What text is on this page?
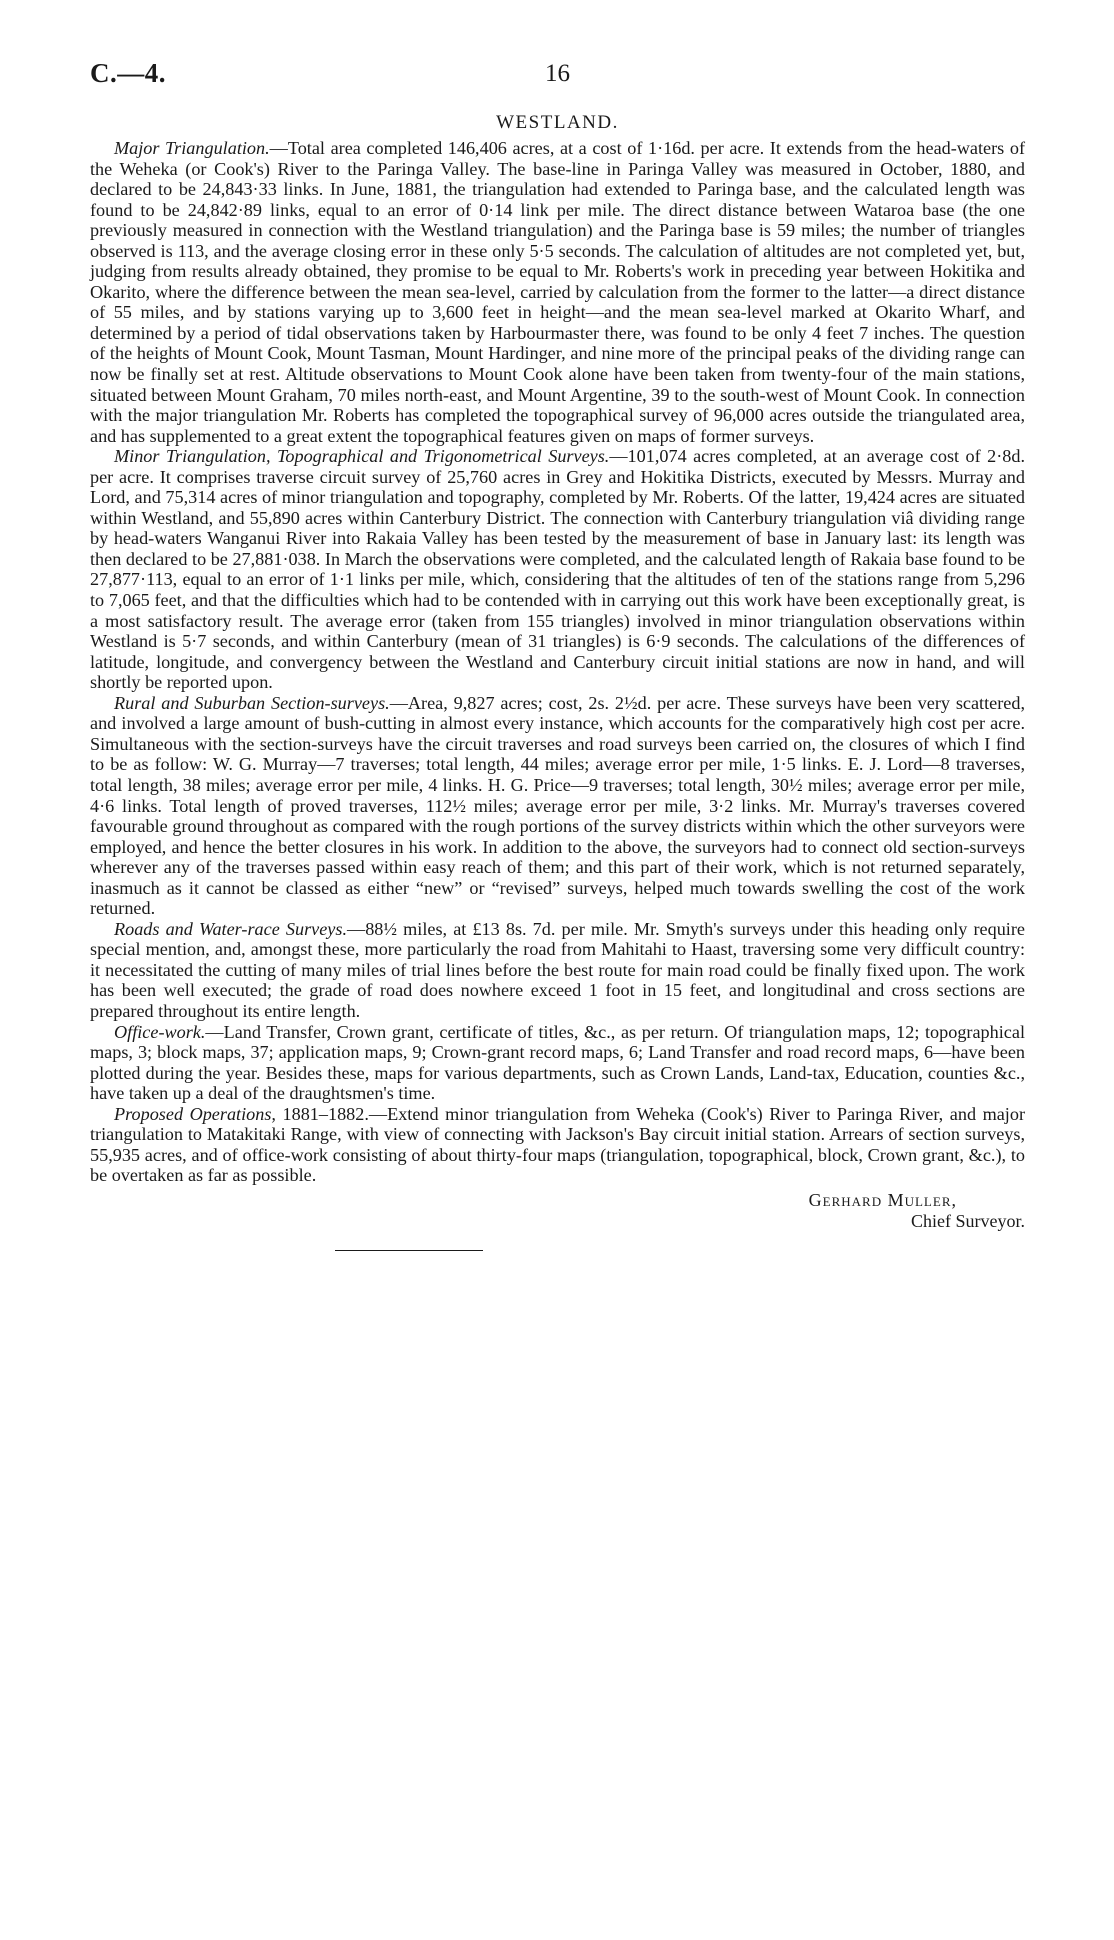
C.—4.	16
WESTLAND.

Major Triangulation.—Total area completed 146,406 acres, at a cost of 1·16d. per acre. It extends from the head-waters of the Weheka (or Cook's) River to the Paringa Valley. The base-line in Paringa Valley was measured in October, 1880, and declared to be 24,843·33 links. In June, 1881, the triangulation had extended to Paringa base, and the calculated length was found to be 24,842·89 links, equal to an error of 0·14 link per mile. The direct distance between Wataroa base (the one previously measured in connection with the Westland triangulation) and the Paringa base is 59 miles; the number of triangles observed is 113, and the average closing error in these only 5·5 seconds. The calculation of altitudes are not completed yet, but, judging from results already obtained, they promise to be equal to Mr. Roberts's work in preceding year between Hokitika and Okarito, where the difference between the mean sea-level, carried by calculation from the former to the latter—a direct distance of 55 miles, and by stations varying up to 3,600 feet in height—and the mean sea-level marked at Okarito Wharf, and determined by a period of tidal observations taken by Harbourmaster there, was found to be only 4 feet 7 inches. The question of the heights of Mount Cook, Mount Tasman, Mount Hardinger, and nine more of the principal peaks of the dividing range can now be finally set at rest. Altitude observations to Mount Cook alone have been taken from twenty-four of the main stations, situated between Mount Graham, 70 miles north-east, and Mount Argentine, 39 to the south-west of Mount Cook. In connection with the major triangulation Mr. Roberts has completed the topographical survey of 96,000 acres outside the triangulated area, and has supplemented to a great extent the topographical features given on maps of former surveys.

Minor Triangulation, Topographical and Trigonometrical Surveys.—101,074 acres completed, at an average cost of 2·8d. per acre. It comprises traverse circuit survey of 25,760 acres in Grey and Hokitika Districts, executed by Messrs. Murray and Lord, and 75,314 acres of minor triangulation and topography, completed by Mr. Roberts. Of the latter, 19,424 acres are situated within Westland, and 55,890 acres within Canterbury District. The connection with Canterbury triangulation viâ dividing range by head-waters Wanganui River into Rakaia Valley has been tested by the measurement of base in January last: its length was then declared to be 27,881·038. In March the observations were completed, and the calculated length of Rakaia base found to be 27,877·113, equal to an error of 1·1 links per mile, which, considering that the altitudes of ten of the stations range from 5,296 to 7,065 feet, and that the difficulties which had to be contended with in carrying out this work have been exceptionally great, is a most satisfactory result. The average error (taken from 155 triangles) involved in minor triangulation observations within Westland is 5·7 seconds, and within Canterbury (mean of 31 triangles) is 6·9 seconds. The calculations of the differences of latitude, longitude, and convergency between the Westland and Canterbury circuit initial stations are now in hand, and will shortly be reported upon.

Rural and Suburban Section-surveys.—Area, 9,827 acres; cost, 2s. 2½d. per acre. These surveys have been very scattered, and involved a large amount of bush-cutting in almost every instance, which accounts for the comparatively high cost per acre. Simultaneous with the section-surveys have the circuit traverses and road surveys been carried on, the closures of which I find to be as follow: W. G. Murray—7 traverses; total length, 44 miles; average error per mile, 1·5 links. E. J. Lord—8 traverses, total length, 38 miles; average error per mile, 4 links. H. G. Price—9 traverses; total length, 30½ miles; average error per mile, 4·6 links. Total length of proved traverses, 112½ miles; average error per mile, 3·2 links. Mr. Murray's traverses covered favourable ground throughout as compared with the rough portions of the survey districts within which the other surveyors were employed, and hence the better closures in his work. In addition to the above, the surveyors had to connect old section-surveys wherever any of the traverses passed within easy reach of them; and this part of their work, which is not returned separately, inasmuch as it cannot be classed as either “new” or “revised” surveys, helped much towards swelling the cost of the work returned.

Roads and Water-race Surveys.—88½ miles, at £13 8s. 7d. per mile. Mr. Smyth's surveys under this heading only require special mention, and, amongst these, more particularly the road from Mahitahi to Haast, traversing some very difficult country: it necessitated the cutting of many miles of trial lines before the best route for main road could be finally fixed upon. The work has been well executed; the grade of road does nowhere exceed 1 foot in 15 feet, and longitudinal and cross sections are prepared throughout its entire length.

Office-work.—Land Transfer, Crown grant, certificate of titles, &c., as per return. Of triangulation maps, 12; topographical maps, 3; block maps, 37; application maps, 9; Crown-grant record maps, 6; Land Transfer and road record maps, 6—have been plotted during the year. Besides these, maps for various departments, such as Crown Lands, Land-tax, Education, counties &c., have taken up a deal of the draughtsmen's time.

Proposed Operations, 1881–1882.—Extend minor triangulation from Weheka (Cook's) River to Paringa River, and major triangulation to Matakitaki Range, with view of connecting with Jackson's Bay circuit initial station. Arrears of section surveys, 55,935 acres, and of office-work consisting of about thirty-four maps (triangulation, topographical, block, Crown grant, &c.), to be overtaken as far as possible.

Gerhard Muller,
Chief Surveyor.
